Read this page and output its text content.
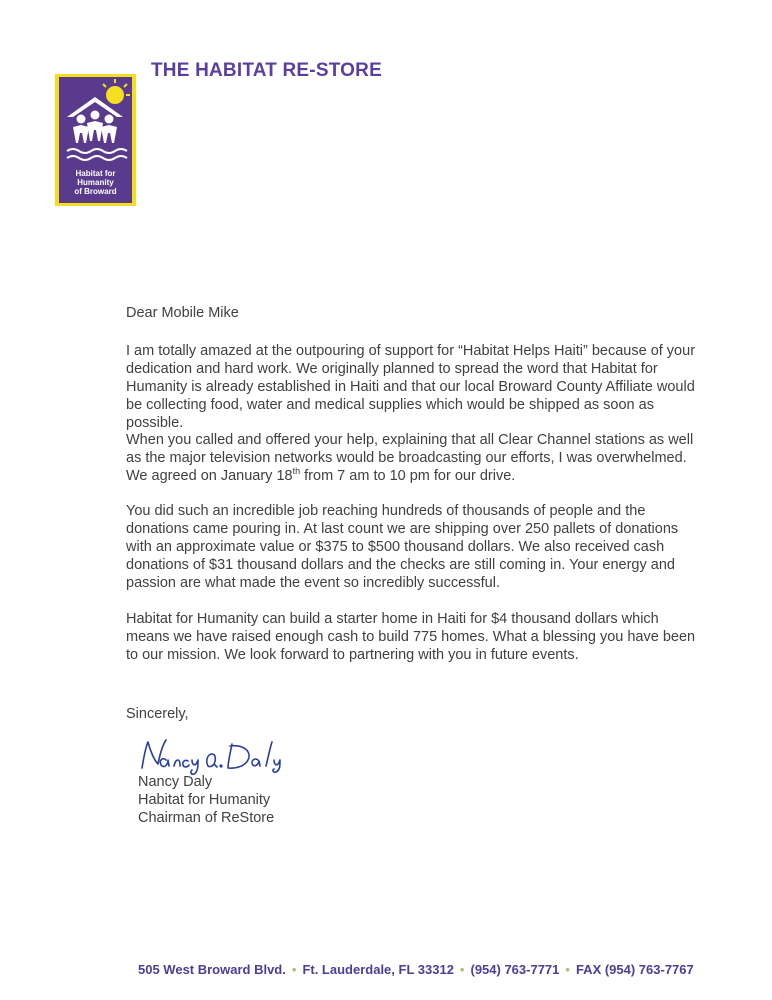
Habitat for
Humanity
of Broward
THE HABITAT RE-STORE

Dear Mobile Mike

I am totally amazed at the outpouring of support for “Habitat Helps Haiti” because of your dedication and hard work. We originally planned to spread the word that Habitat for Humanity is already established in Haiti and that our local Broward County Affiliate would be collecting food, water and medical supplies which would be shipped as soon as possible.

When you called and offered your help, explaining that all Clear Channel stations as well as the major television networks would be broadcasting our efforts, I was overwhelmed. We agreed on January 18th from 7 am to 10 pm for our drive.

You did such an incredible job reaching hundreds of thousands of people and the donations came pouring in. At last count we are shipping over 250 pallets of donations with an approximate value or $375 to $500 thousand dollars. We also received cash donations of $31 thousand dollars and the checks are still coming in. Your energy and passion are what made the event so incredibly successful.

Habitat for Humanity can build a starter home in Haiti for $4 thousand dollars which means we have raised enough cash to build 775 homes. What a blessing you have been to our mission. We look forward to partnering with you in future events.

Sincerely,

Nancy Daly
Habitat for Humanity
Chairman of ReStore
505 West Broward Blvd. • Ft. Lauderdale, FL 33312 • (954) 763-7771 • FAX (954) 763-7767
